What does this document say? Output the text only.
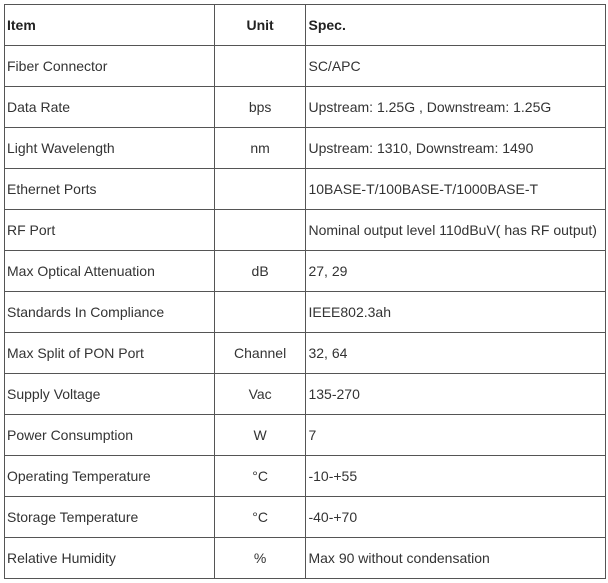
Item	Unit	Spec.
Fiber Connector		SC/APC
Data Rate	bps	Upstream: 1.25G , Downstream: 1.25G
Light Wavelength	nm	Upstream: 1310, Downstream: 1490
Ethernet Ports		10BASE-T/100BASE-T/1000BASE-T
RF Port		Nominal output level 110dBuV( has RF output)
Max Optical Attenuation	dB	27, 29
Standards In Compliance		IEEE802.3ah
Max Split of PON Port	Channel	32, 64
Supply Voltage	Vac	135-270
Power Consumption	W	7
Operating Temperature	°C	-10-+55
Storage Temperature	°C	-40-+70
Relative Humidity	%	Max 90 without condensation
